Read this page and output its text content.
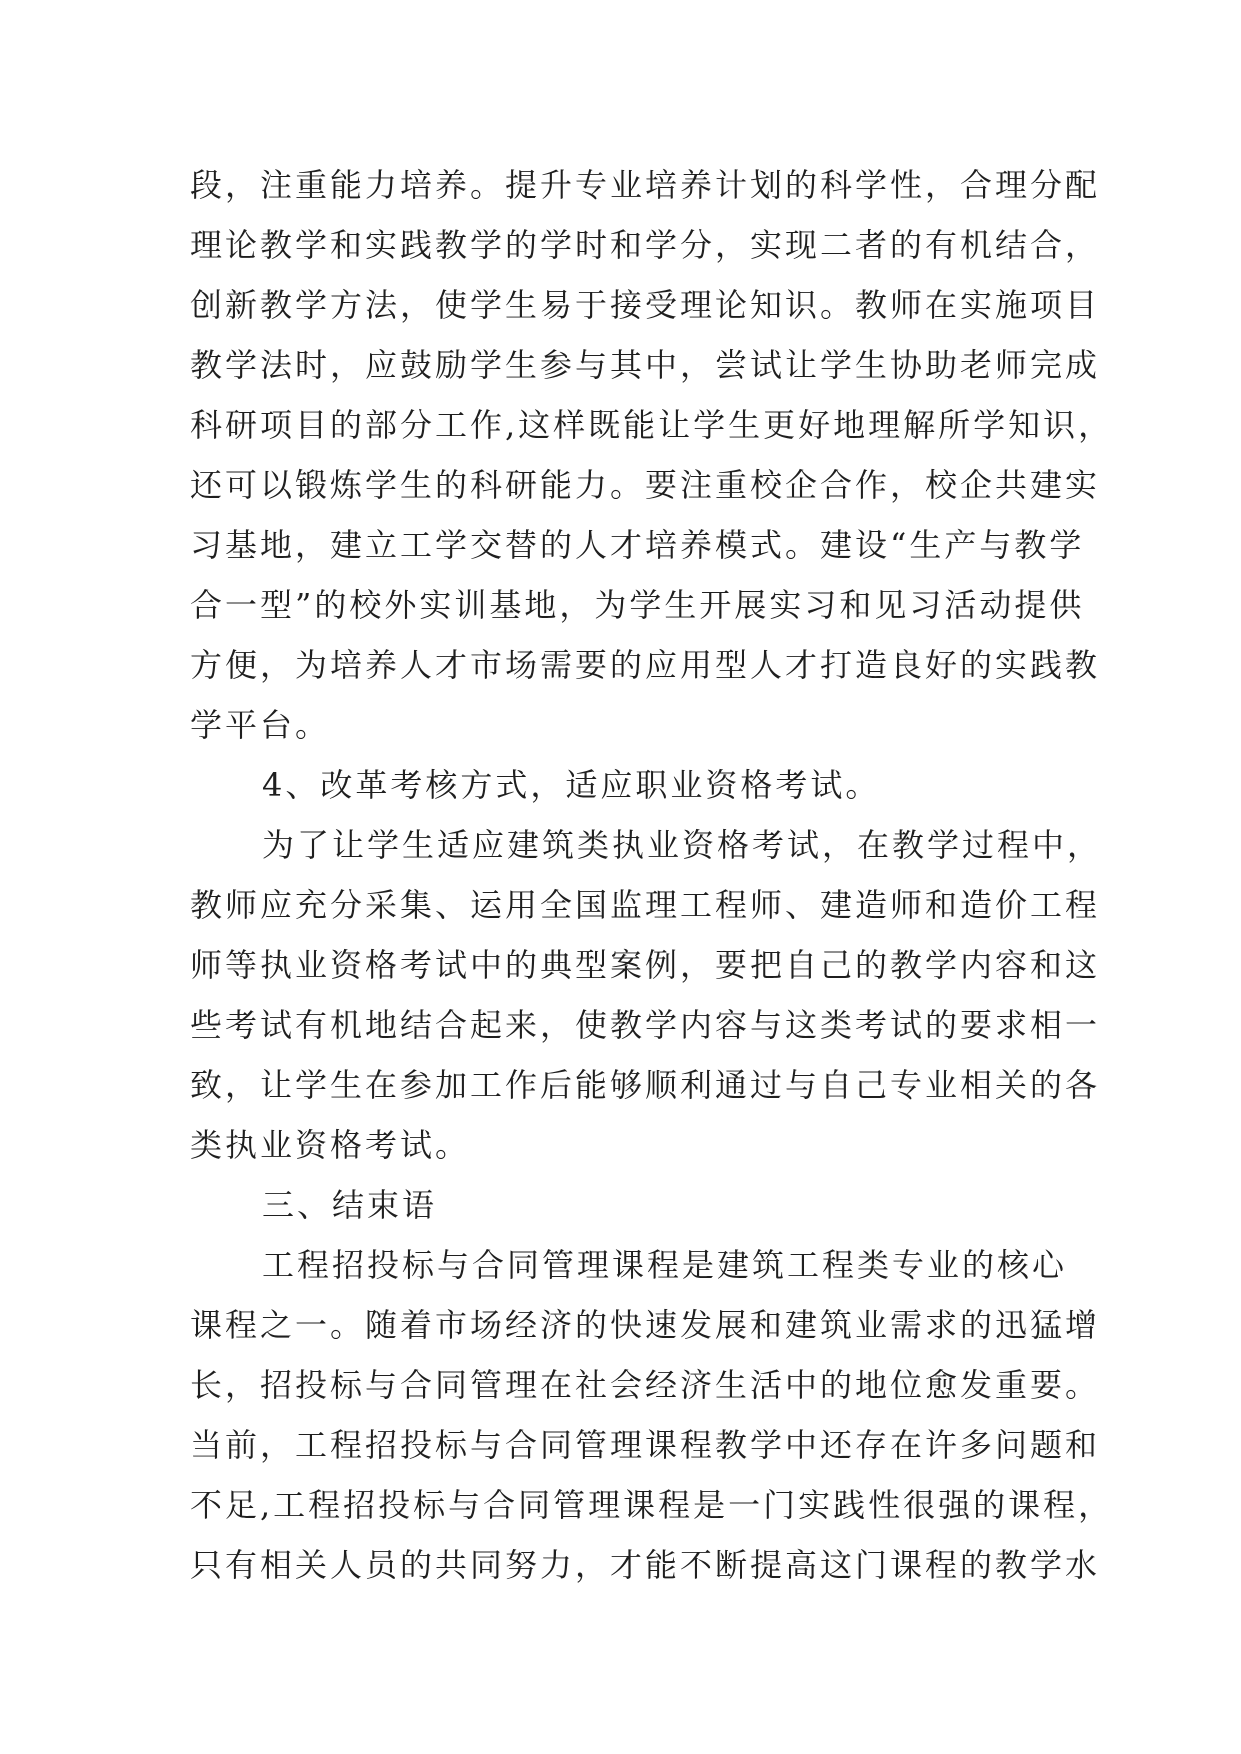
段，注重能力培养。提升专业培养计划的科学性，合理分配
理论教学和实践教学的学时和学分，实现二者的有机结合，
创新教学方法，使学生易于接受理论知识。教师在实施项目
教学法时，应鼓励学生参与其中，尝试让学生协助老师完成
科研项目的部分工作,这样既能让学生更好地理解所学知识，
还可以锻炼学生的科研能力。要注重校企合作，校企共建实
习基地，建立工学交替的人才培养模式。建设“生产与教学
合一型”的校外实训基地，为学生开展实习和见习活动提供
方便，为培养人才市场需要的应用型人才打造良好的实践教
学平台。
4、改革考核方式，适应职业资格考试。
为了让学生适应建筑类执业资格考试，在教学过程中，
教师应充分采集、运用全国监理工程师、建造师和造价工程
师等执业资格考试中的典型案例，要把自己的教学内容和这
些考试有机地结合起来，使教学内容与这类考试的要求相一
致，让学生在参加工作后能够顺利通过与自己专业相关的各
类执业资格考试。
三、结束语
工程招投标与合同管理课程是建筑工程类专业的核心
课程之一。随着市场经济的快速发展和建筑业需求的迅猛增
长，招投标与合同管理在社会经济生活中的地位愈发重要。
当前，工程招投标与合同管理课程教学中还存在许多问题和
不足,工程招投标与合同管理课程是一门实践性很强的课程，
只有相关人员的共同努力，才能不断提高这门课程的教学水
